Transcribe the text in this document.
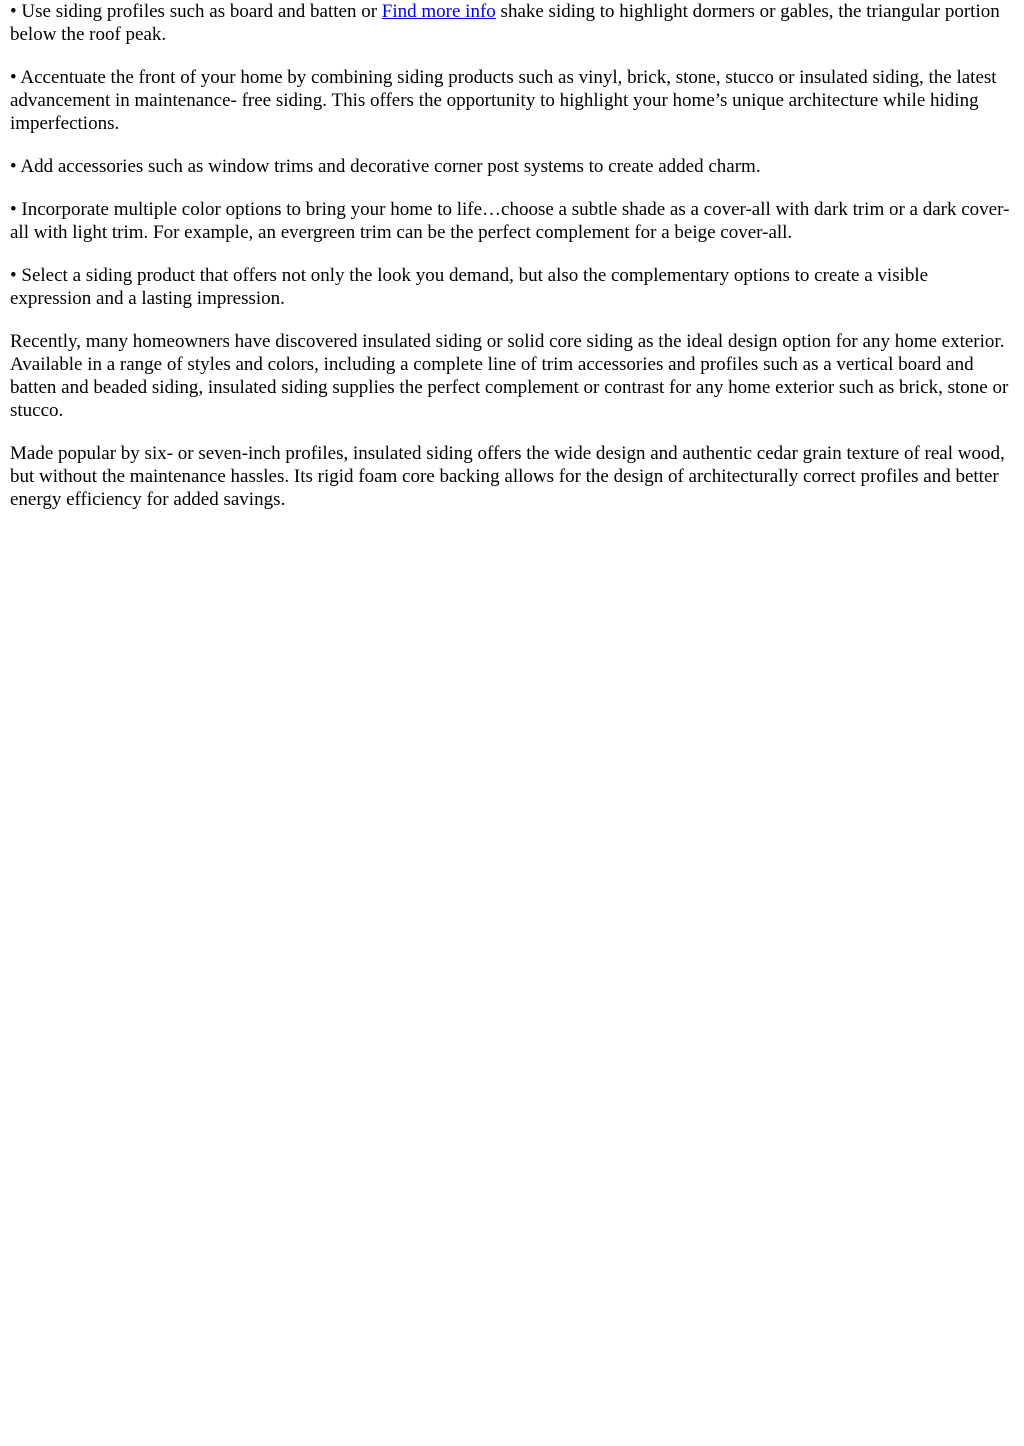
• Use siding profiles such as board and batten or Find more info shake siding to highlight dormers or gables, the triangular portion below the roof peak.

• Accentuate the front of your home by combining siding products such as vinyl, brick, stone, stucco or insulated siding, the latest advancement in maintenance- free siding. This offers the opportunity to highlight your home’s unique architecture while hiding imperfections.

• Add accessories such as window trims and decorative corner post systems to create added charm.

• Incorporate multiple color options to bring your home to life…choose a subtle shade as a cover-all with dark trim or a dark cover-all with light trim. For example, an evergreen trim can be the perfect complement for a beige cover-all.

• Select a siding product that offers not only the look you demand, but also the complementary options to create a visible expression and a lasting impression.

Recently, many homeowners have discovered insulated siding or solid core siding as the ideal design option for any home exterior. Available in a range of styles and colors, including a complete line of trim accessories and profiles such as a vertical board and batten and beaded siding, insulated siding supplies the perfect complement or contrast for any home exterior such as brick, stone or stucco.

Made popular by six- or seven-inch profiles, insulated siding offers the wide design and authentic cedar grain texture of real wood, but without the maintenance hassles. Its rigid foam core backing allows for the design of architecturally correct profiles and better energy efficiency for added savings.
